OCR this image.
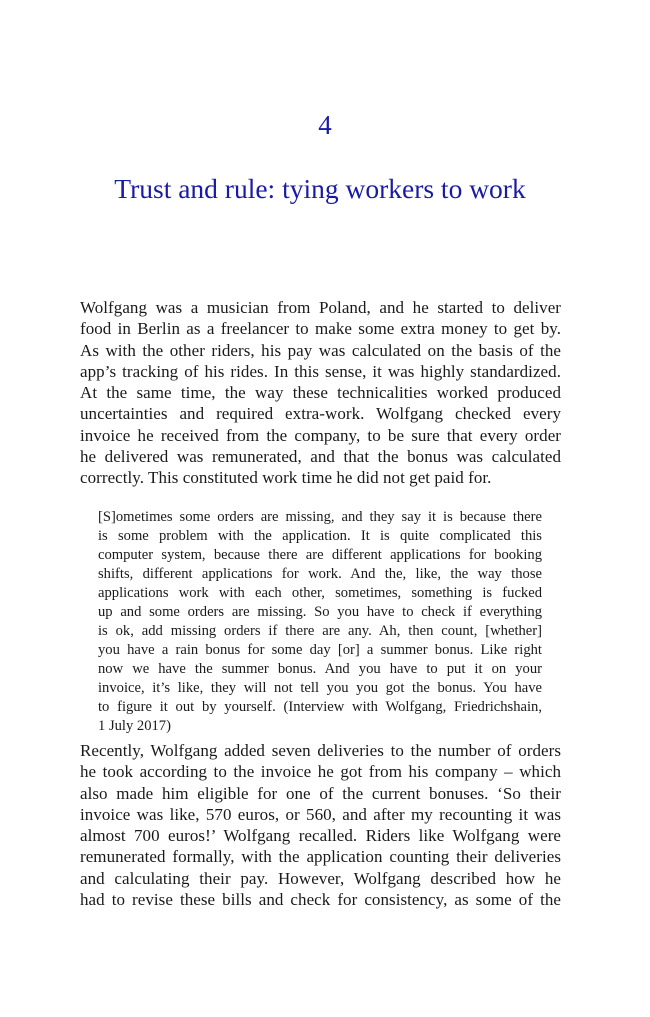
4
Trust and rule: tying workers to work
Wolfgang was a musician from Poland, and he started to deliver
food in Berlin as a freelancer to make some extra money to get by.
As with the other riders, his pay was calculated on the basis of the
app’s tracking of his rides. In this sense, it was highly standardized.
At the same time, the way these technicalities worked produced
uncertainties and required extra-work. Wolfgang checked every
invoice he received from the company, to be sure that every order
he delivered was remunerated, and that the bonus was calculated
correctly. This constituted work time he did not get paid for.
[S]ometimes some orders are missing, and they say it is because there
is some problem with the application. It is quite complicated this
computer system, because there are different applications for booking
shifts, different applications for work. And the, like, the way those
applications work with each other, sometimes, something is fucked
up and some orders are missing. So you have to check if everything
is ok, add missing orders if there are any. Ah, then count, [whether]
you have a rain bonus for some day [or] a summer bonus. Like right
now we have the summer bonus. And you have to put it on your
invoice, it’s like, they will not tell you you got the bonus. You have
to figure it out by yourself. (Interview with Wolfgang, Friedrichshain,
1 July 2017)
Recently, Wolfgang added seven deliveries to the number of orders
he took according to the invoice he got from his company – which
also made him eligible for one of the current bonuses. ‘So their
invoice was like, 570 euros, or 560, and after my recounting it was
almost 700 euros!’ Wolfgang recalled. Riders like Wolfgang were
remunerated formally, with the application counting their deliveries
and calculating their pay. However, Wolfgang described how he
had to revise these bills and check for consistency, as some of the
